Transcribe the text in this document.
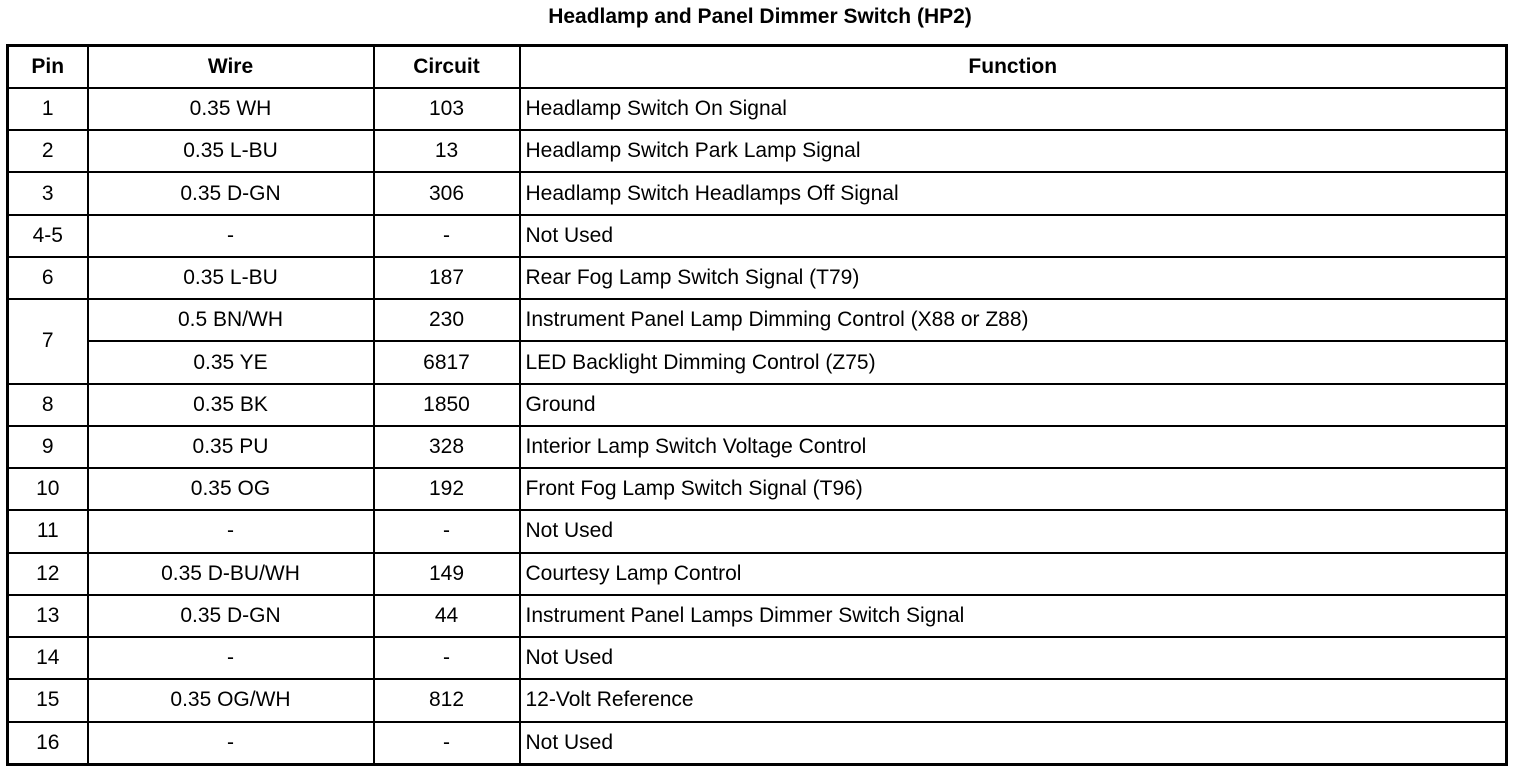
Headlamp and Panel Dimmer Switch (HP2)
Pin	Wire	Circuit	Function
1	0.35 WH	103	Headlamp Switch On Signal
2	0.35 L-BU	13	Headlamp Switch Park Lamp Signal
3	0.35 D-GN	306	Headlamp Switch Headlamps Off Signal
4-5	-	-	Not Used
6	0.35 L-BU	187	Rear Fog Lamp Switch Signal (T79)
7	0.5 BN/WH	230	Instrument Panel Lamp Dimming Control (X88 or Z88)
	0.35 YE	6817	LED Backlight Dimming Control (Z75)
8	0.35 BK	1850	Ground
9	0.35 PU	328	Interior Lamp Switch Voltage Control
10	0.35 OG	192	Front Fog Lamp Switch Signal (T96)
11	-	-	Not Used
12	0.35 D-BU/WH	149	Courtesy Lamp Control
13	0.35 D-GN	44	Instrument Panel Lamps Dimmer Switch Signal
14	-	-	Not Used
15	0.35 OG/WH	812	12-Volt Reference
16	-	-	Not Used
